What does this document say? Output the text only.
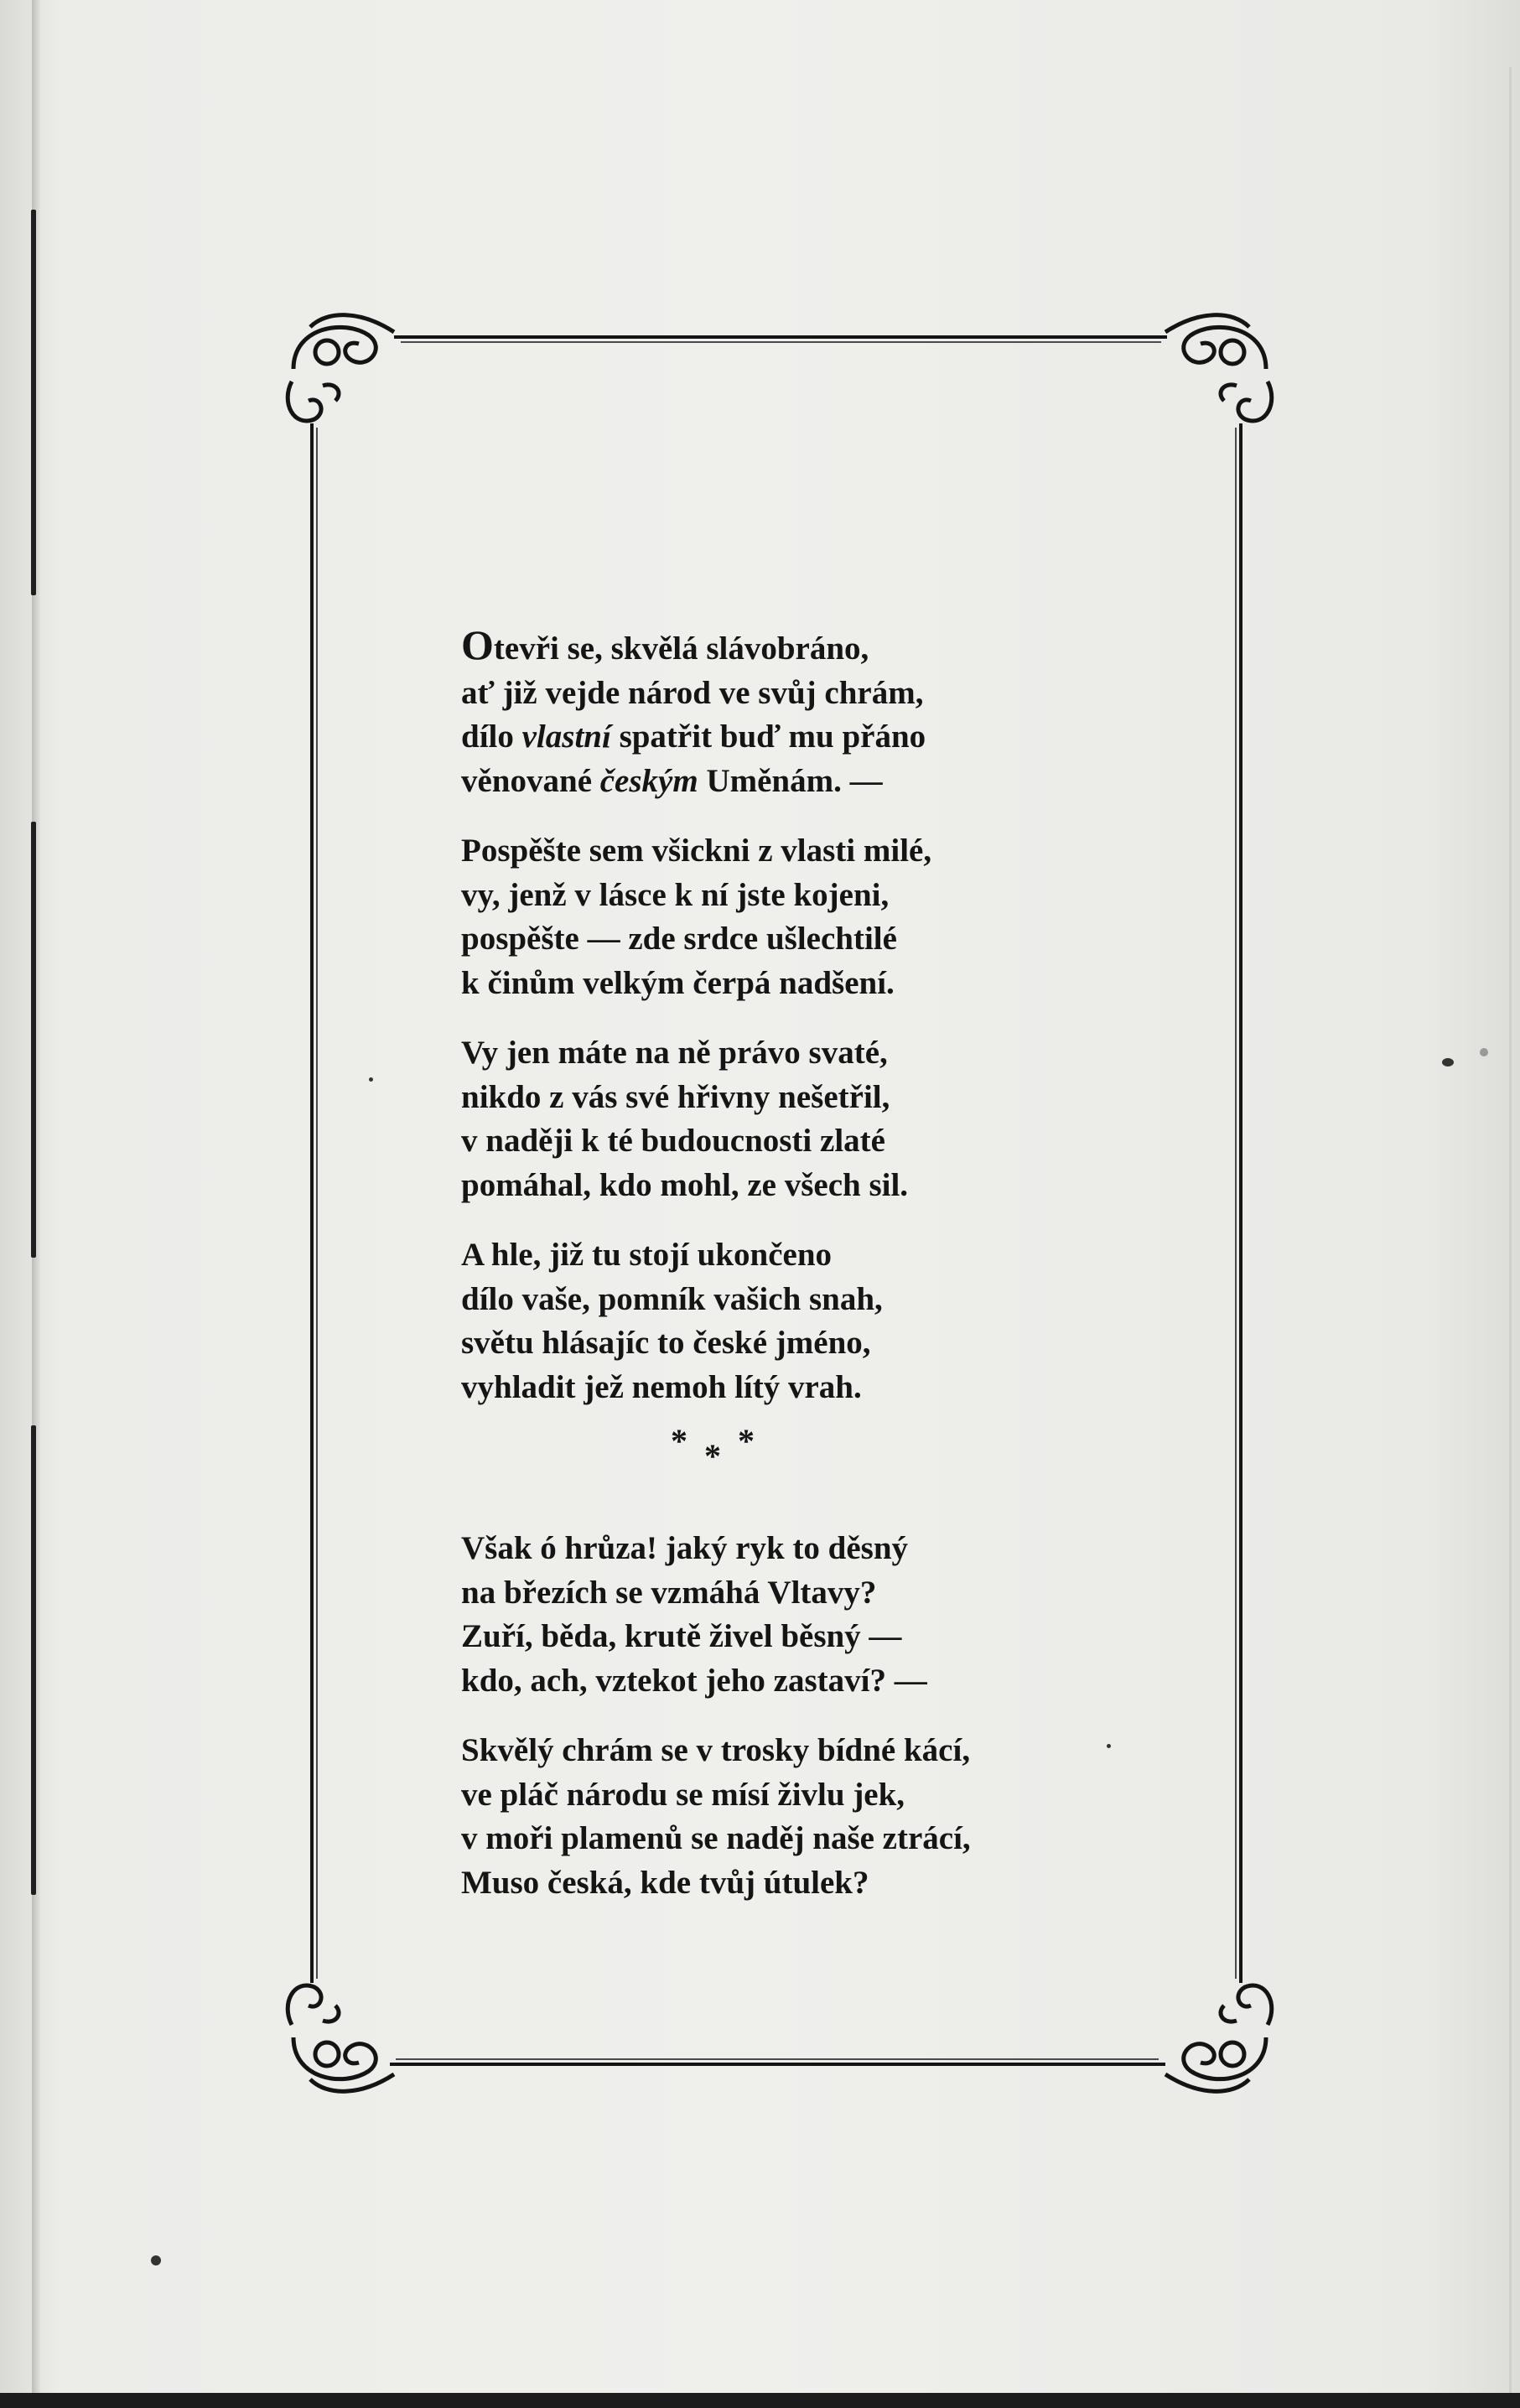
Otevři se, skvělá slávobráno,
ať již vejde národ ve svůj chrám,
dílo vlastní spatřit buď mu přáno
věnované českým Uměnám. —
Pospěšte sem všickni z vlasti milé,
vy, jenž v lásce k ní jste kojeni,
pospěšte — zde srdce ušlechtilé
k činům velkým čerpá nadšení.
Vy jen máte na ně právo svaté,
nikdo z vás své hřivny nešetřil,
v naději k té budoucnosti zlaté
pomáhal, kdo mohl, ze všech sil.
A hle, již tu stojí ukončeno
dílo vaše, pomník vašich snah,
světu hlásajíc to české jméno,
vyhladit jež nemoh lítý vrah.
* * *
Však ó hrůza! jaký ryk to děsný
na březích se vzmáhá Vltavy?
Zuří, běda, krutě živel běsný —
kdo, ach, vztekot jeho zastaví? —
Skvělý chrám se v trosky bídné kácí,
ve pláč národu se mísí živlu jek,
v moři plamenů se naděj naše ztrácí,
Muso česká, kde tvůj útulek?
